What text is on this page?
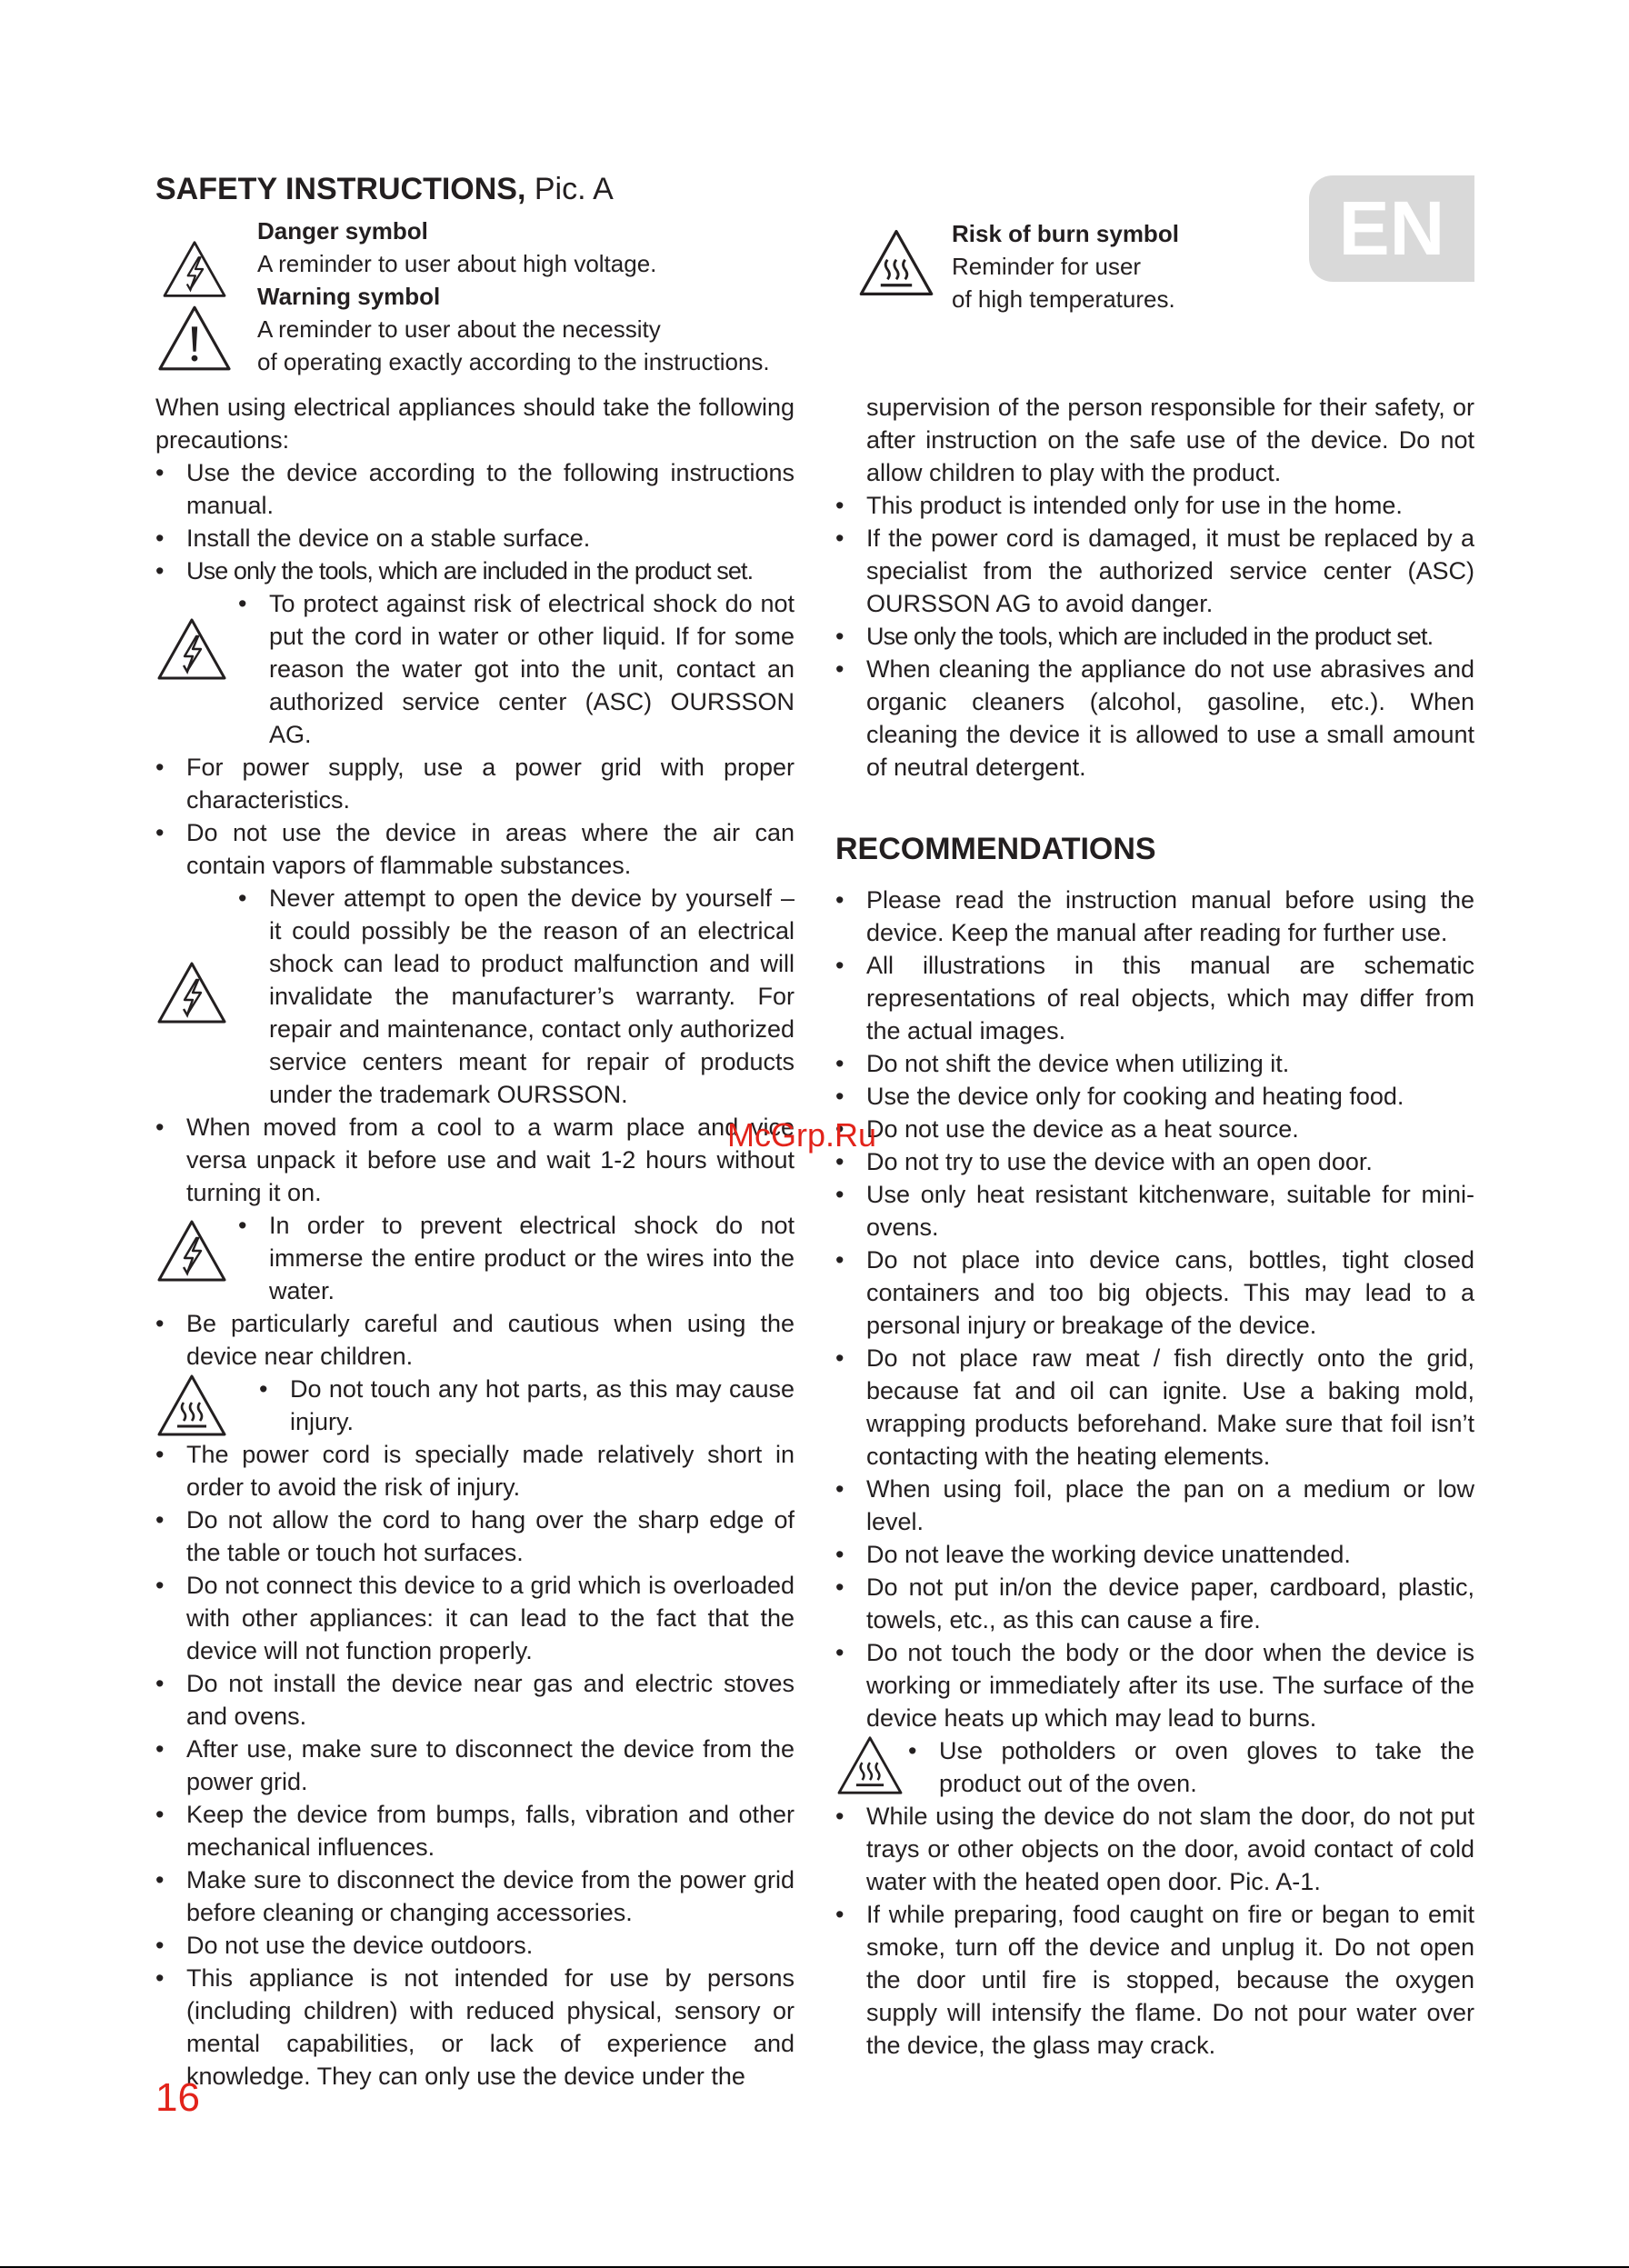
SAFETY INSTRUCTIONS, Pic. A	EN
Danger symbol
A reminder to user about high voltage.
Warning symbol
A reminder to user about the necessity
of operating exactly according to the instructions.
Risk of burn symbol
Reminder for user
of high temperatures.

When using electrical appliances should take the following precautions:

• Use the device according to the following instructions manual.
• Install the device on a stable surface.
• Use only the tools, which are included in the product set.
• To protect against risk of electrical shock do not put the cord in water or other liquid. If for some reason the water got into the unit, contact an authorized service center (ASC) OURSSON AG.
• For power supply, use a power grid with proper characteristics.
• Do not use the device in areas where the air can contain vapors of flammable substances.
• Never attempt to open the device by yourself – it could possibly be the reason of an electrical shock can lead to product malfunction and will invalidate the manufacturer’s warranty. For repair and maintenance, contact only authorized service centers meant for repair of products under the trademark OURSSON.
• When moved from a cool to a warm place and vice versa unpack it before use and wait 1-2 hours without turning it on.
• In order to prevent electrical shock do not immerse the entire product or the wires into the water.
• Be particularly careful and cautious when using the device near children.
• Do not touch any hot parts, as this may cause injury.
• The power cord is specially made relatively short in order to avoid the risk of injury.
• Do not allow the cord to hang over the sharp edge of the table or touch hot surfaces.
• Do not connect this device to a grid which is overloaded with other appliances: it can lead to the fact that the device will not function properly.
• Do not install the device near gas and electric stoves and ovens.
• After use, make sure to disconnect the device from the power grid.
• Keep the device from bumps, falls, vibration and other mechanical influences.
• Make sure to disconnect the device from the power grid before cleaning or changing accessories.
• Do not use the device outdoors.
• This appliance is not intended for use by persons (including children) with reduced physical, sensory or mental capabilities, or lack of experience and knowledge. They can only use the device under the

supervision of the person responsible for their safety, or after instruction on the safe use of the device. Do not allow children to play with the product.

• This product is intended only for use in the home.
• If the power cord is damaged, it must be replaced by a specialist from the authorized service center (ASC) OURSSON AG to avoid danger.
• Use only the tools, which are included in the product set.
• When cleaning the appliance do not use abrasives and organic cleaners (alcohol, gasoline, etc.). When cleaning the device it is allowed to use a small amount of neutral detergent.
RECOMMENDATIONS
• Please read the instruction manual before using the device. Keep the manual after reading for further use.
• All illustrations in this manual are schematic representations of real objects, which may differ from the actual images.
• Do not shift the device when utilizing it.
• Use the device only for cooking and heating food.
• Do not use the device as a heat source.
• Do not try to use the device with an open door.
• Use only heat resistant kitchenware, suitable for mini-ovens.
• Do not place into device cans, bottles, tight closed containers and too big objects. This may lead to a personal injury or breakage of the device.
• Do not place raw meat / fish directly onto the grid, because fat and oil can ignite. Use a baking mold, wrapping products beforehand. Make sure that foil isn’t contacting with the heating elements.
• When using foil, place the pan on a medium or low level.
• Do not leave the working device unattended.
• Do not put in/on the device paper, cardboard, plastic, towels, etc., as this can cause a fire.
• Do not touch the body or the door when the device is working or immediately after its use. The surface of the device heats up which may lead to burns.
• Use potholders or oven gloves to take the product out of the oven.
• While using the device do not slam the door, do not put trays or other objects on the door, avoid contact of cold water with the heated open door. Pic. A-1.
• If while preparing, food caught on fire or began to emit smoke, turn off the device and unplug it. Do not open the door until fire is stopped, because the oxygen supply will intensify the flame. Do not pour water over the device, the glass may crack.
McGrp.Ru
16
